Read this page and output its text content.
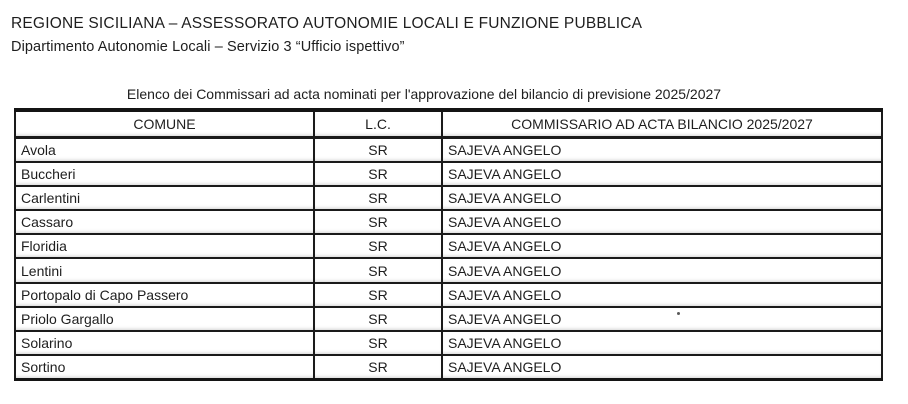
REGIONE SICILIANA – ASSESSORATO AUTONOMIE LOCALI E FUNZIONE PUBBLICA
Dipartimento Autonomie Locali – Servizio 3 “Ufficio ispettivo”
Elenco dei Commissari ad acta nominati per l'approvazione del bilancio di previsione 2025/2027
COMUNE	L.C.	COMMISSARIO AD ACTA BILANCIO 2025/2027
Avola	SR	SAJEVA ANGELO
Buccheri	SR	SAJEVA ANGELO
Carlentini	SR	SAJEVA ANGELO
Cassaro	SR	SAJEVA ANGELO
Floridia	SR	SAJEVA ANGELO
Lentini	SR	SAJEVA ANGELO
Portopalo di Capo Passero	SR	SAJEVA ANGELO
Priolo Gargallo	SR	SAJEVA ANGELO
Solarino	SR	SAJEVA ANGELO
Sortino	SR	SAJEVA ANGELO
